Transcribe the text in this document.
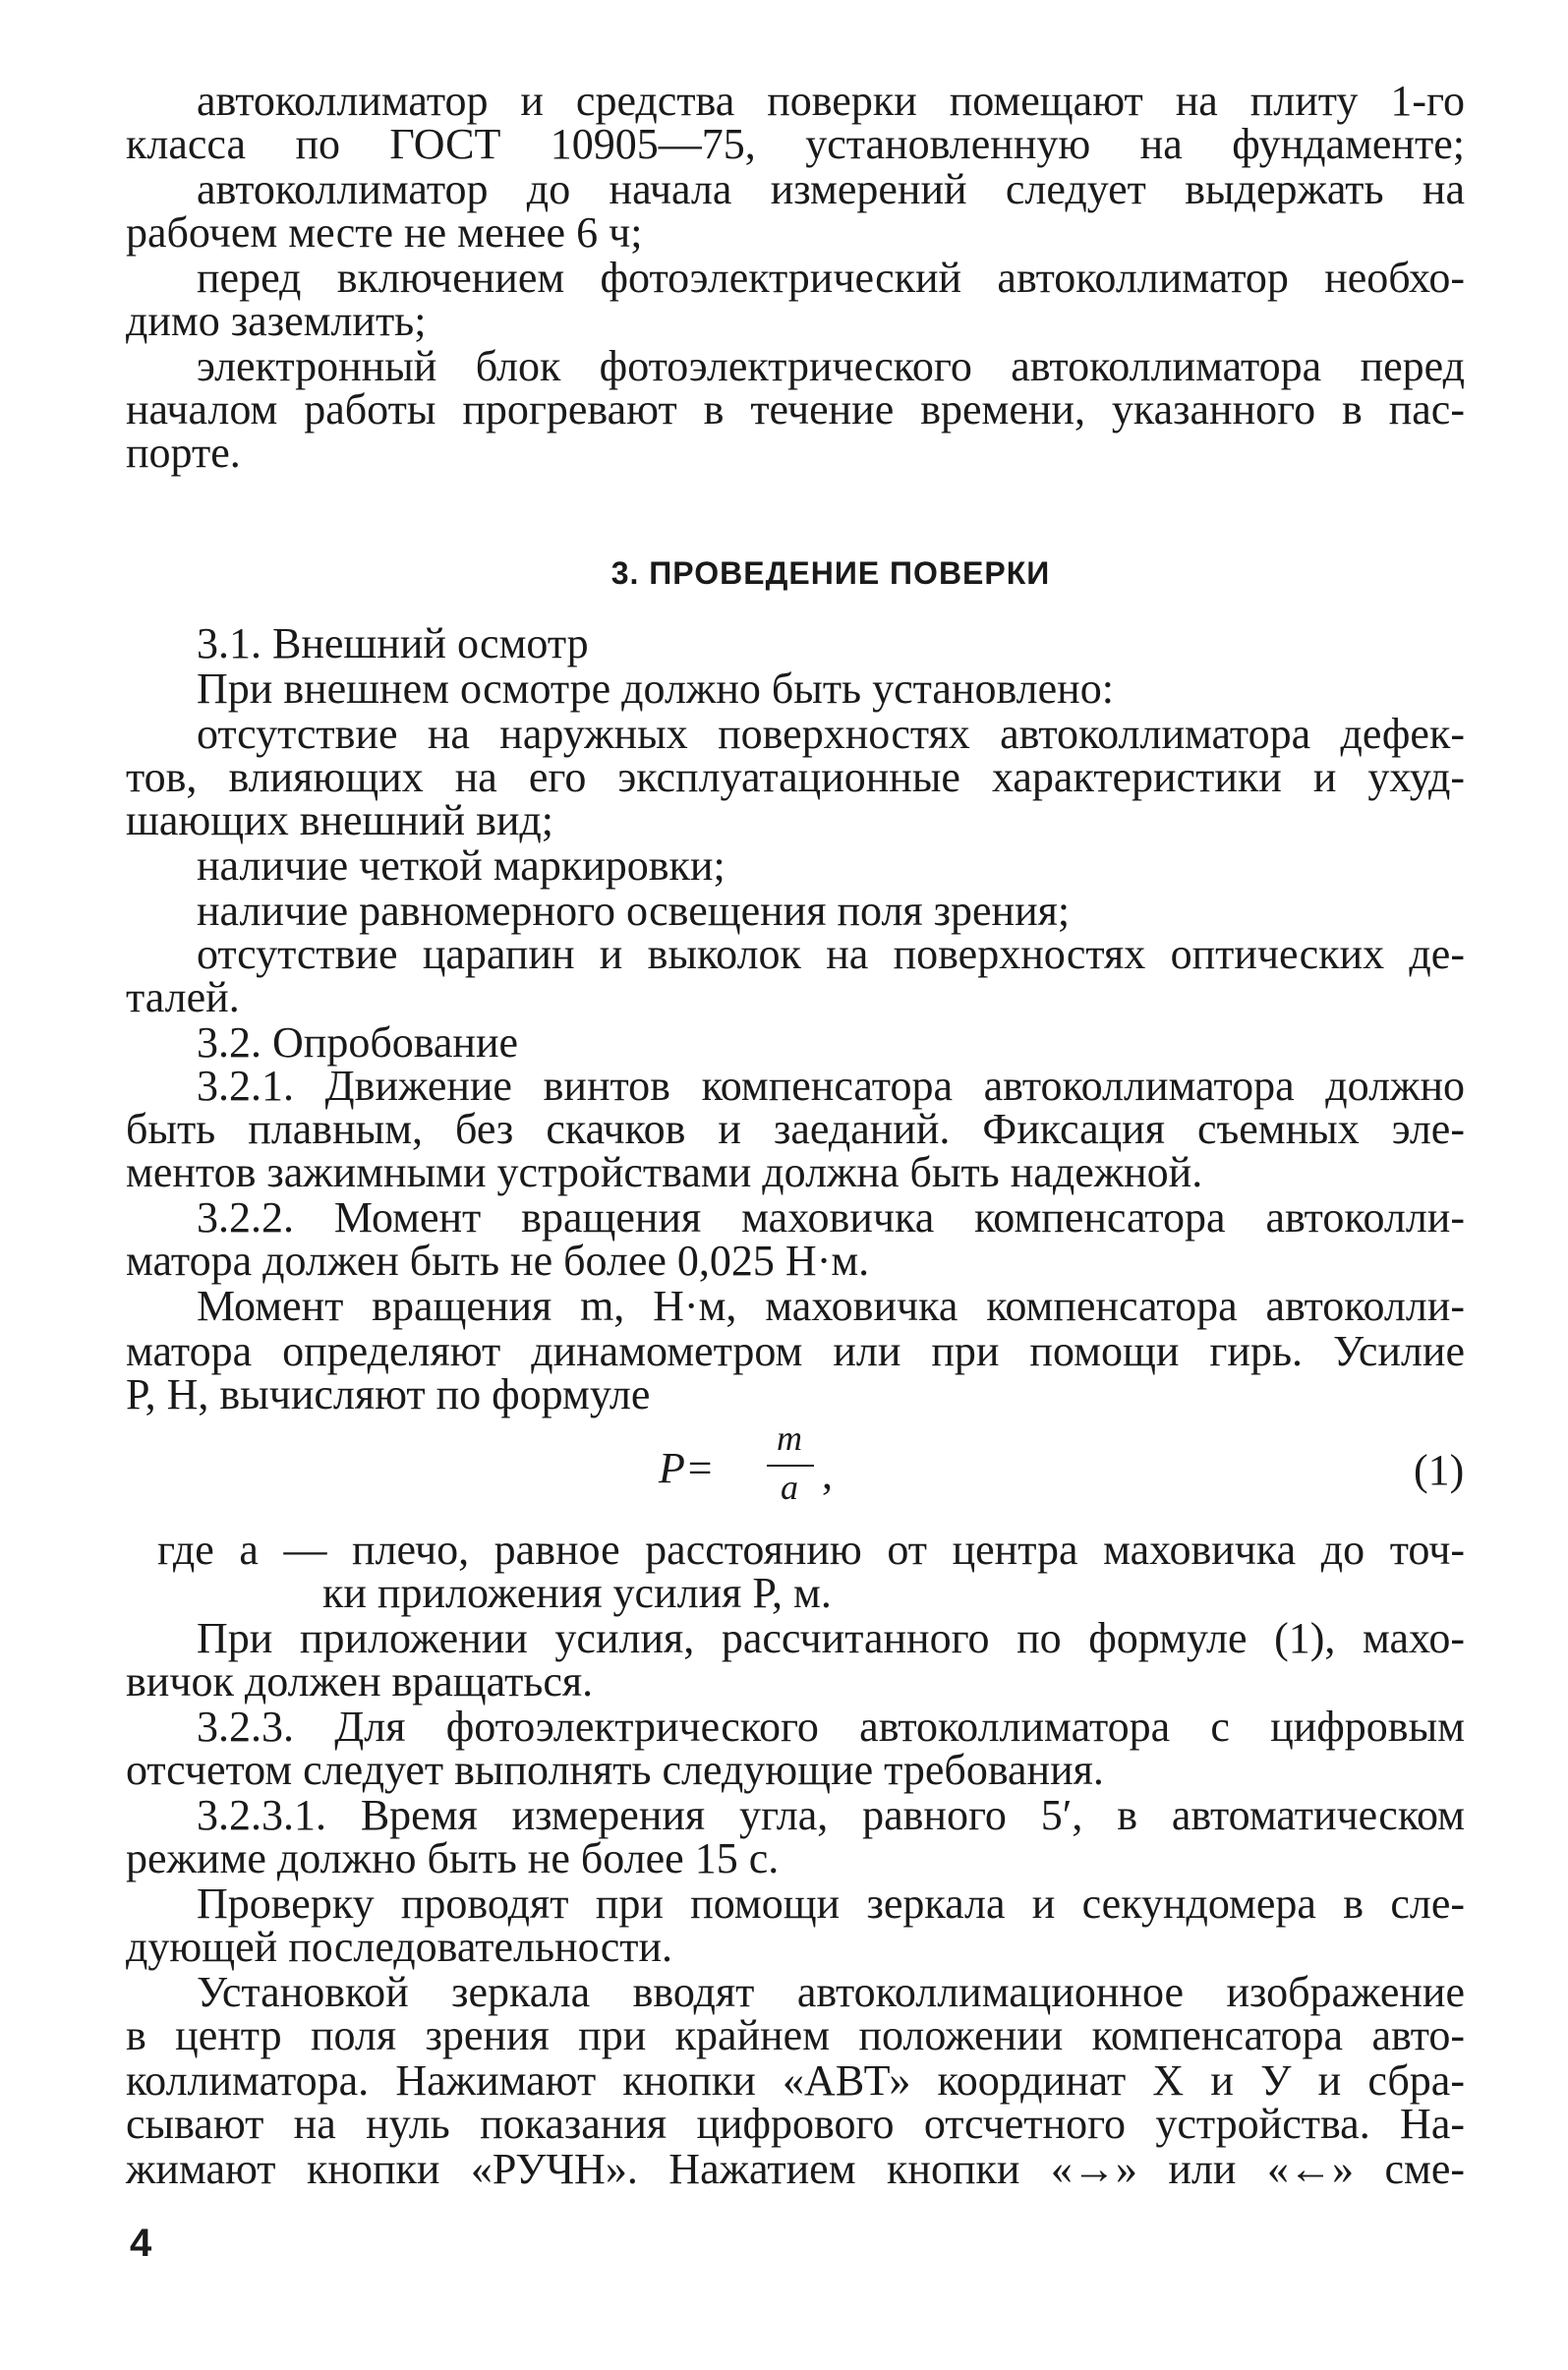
автоколлиматор и средства поверки помещают на плиту 1-го
класса по ГОСТ 10905—75, установленную на фундаменте;
автоколлиматор до начала измерений следует выдержать на
рабочем месте не менее 6 ч;
перед включением фотоэлектрический автоколлиматор необхо-
димо заземлить;
электронный блок фотоэлектрического автоколлиматора перед
началом работы прогревают в течение времени, указанного в пас-
порте.
3. ПРОВЕДЕНИЕ ПОВЕРКИ
3.1. Внешний осмотр
При внешнем осмотре должно быть установлено:
отсутствие на наружных поверхностях автоколлиматора дефек-
тов, влияющих на его эксплуатационные характеристики и ухуд-
шающих внешний вид;
наличие четкой маркировки;
наличие равномерного освещения поля зрения;
отсутствие царапин и выколок на поверхностях оптических де-
талей.
3.2. Опробование
3.2.1. Движение винтов компенсатора автоколлиматора должно
быть плавным, без скачков и заеданий. Фиксация съемных эле-
ментов зажимными устройствами должна быть надежной.
3.2.2. Момент вращения маховичка компенсатора автоколли-
матора должен быть не более 0,025 Н·м.
Момент вращения m, Н·м, маховичка компенсатора автоколли-
матора определяют динамометром или при помощи гирь. Усилие
P, Н, вычисляют по формуле
P=
m
a ,	(1)
где a — плечо, равное расстоянию от центра маховичка до точ-
ки приложения усилия P, м.
При приложении усилия, рассчитанного по формуле (1), махо-
вичок должен вращаться.
3.2.3. Для фотоэлектрического автоколлиматора с цифровым
отсчетом следует выполнять следующие требования.
3.2.3.1. Время измерения угла, равного 5′, в автоматическом
режиме должно быть не более 15 с.
Проверку проводят при помощи зеркала и секундомера в сле-
дующей последовательности.
Установкой зеркала вводят автоколлимационное изображение
в центр поля зрения при крайнем положении компенсатора авто-
коллиматора. Нажимают кнопки «АВТ» координат X и У и сбра-
сывают на нуль показания цифрового отсчетного устройства. На-
жимают кнопки «РУЧН». Нажатием кнопки «→» или «←» сме-
4
